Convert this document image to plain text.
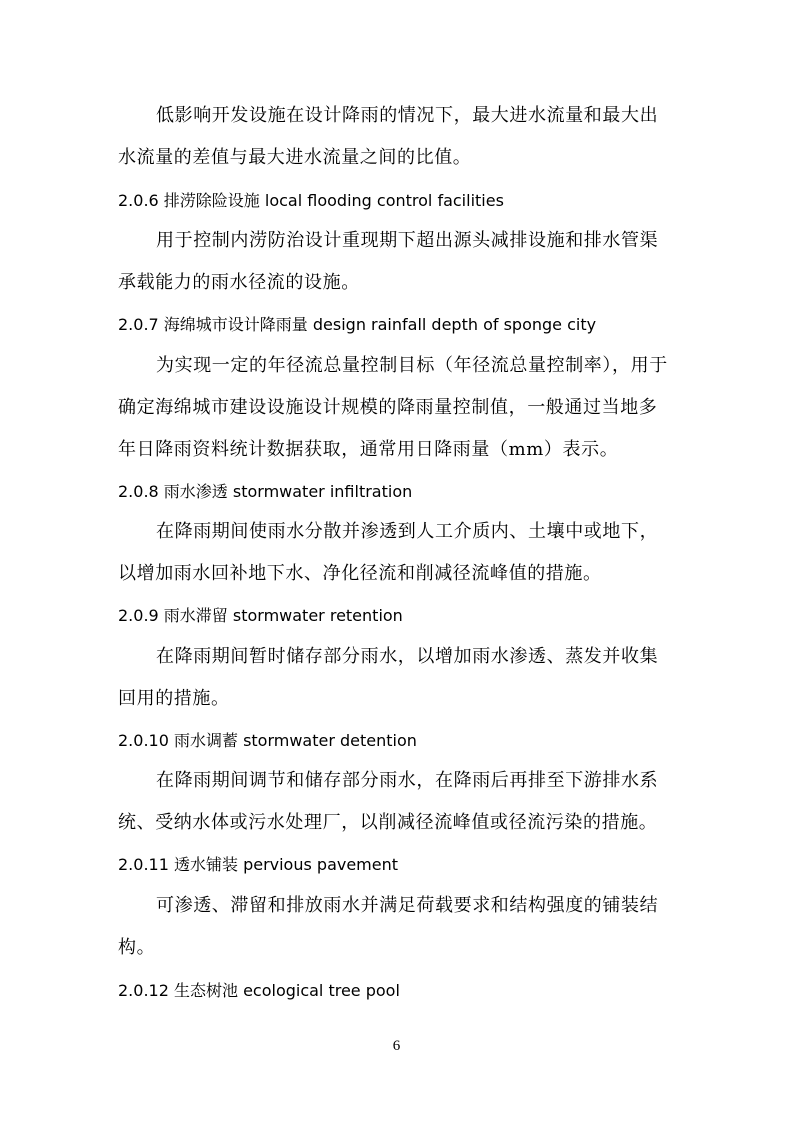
低影响开发设施在设计降雨的情况下，最大进水流量和最大出
水流量的差值与最大进水流量之间的比值。
2.0.6 排涝除险设施 local flooding control facilities
用于控制内涝防治设计重现期下超出源头减排设施和排水管渠
承载能力的雨水径流的设施。
2.0.7 海绵城市设计降雨量 design rainfall depth of sponge city
为实现一定的年径流总量控制目标（年径流总量控制率），用于
确定海绵城市建设设施设计规模的降雨量控制值，一般通过当地多
年日降雨资料统计数据获取，通常用日降雨量（mm）表示。
2.0.8 雨水渗透 stormwater infiltration
在降雨期间使雨水分散并渗透到人工介质内、土壤中或地下，
以增加雨水回补地下水、净化径流和削减径流峰值的措施。
2.0.9 雨水滞留 stormwater retention
在降雨期间暂时储存部分雨水，以增加雨水渗透、蒸发并收集
回用的措施。
2.0.10 雨水调蓄 stormwater detention
在降雨期间调节和储存部分雨水，在降雨后再排至下游排水系
统、受纳水体或污水处理厂，以削减径流峰值或径流污染的措施。
2.0.11 透水铺装 pervious pavement
可渗透、滞留和排放雨水并满足荷载要求和结构强度的铺装结
构。
2.0.12 生态树池 ecological tree pool
6
